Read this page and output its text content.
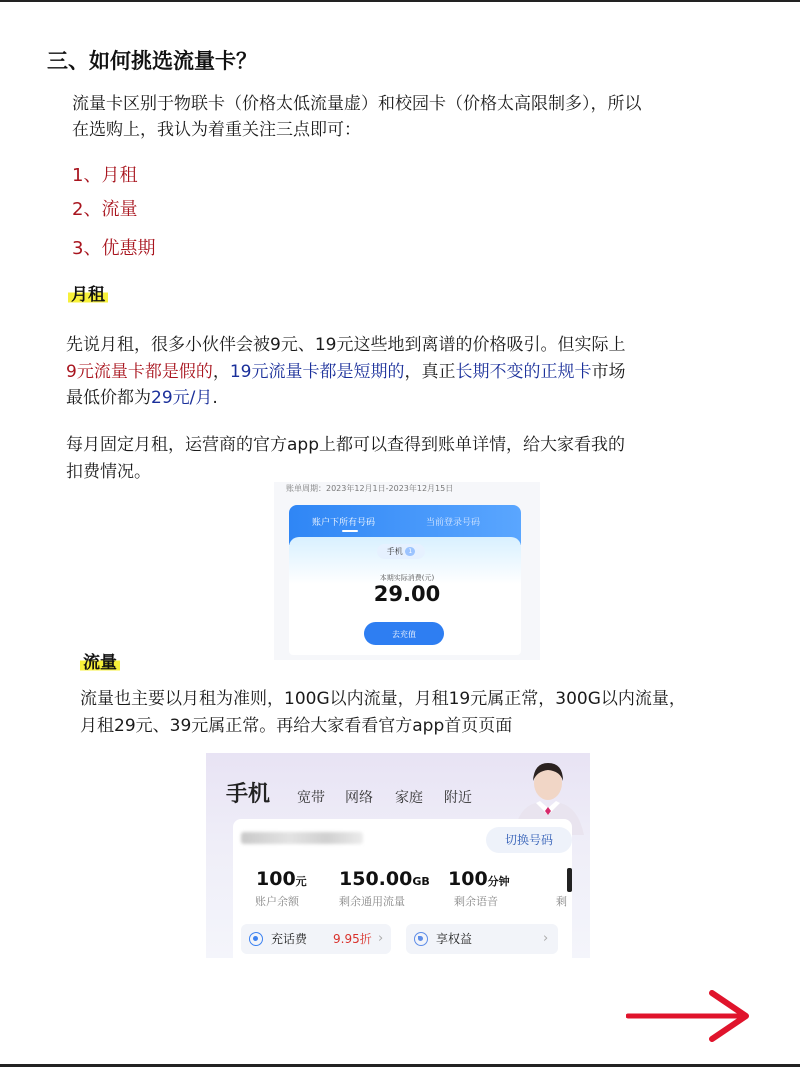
三、如何挑选流量卡？
流量卡区别于物联卡（价格太低流量虚）和校园卡（价格太高限制多），所以
在选购上，我认为着重关注三点即可：
1、月租
2、流量
3、优惠期
月租
先说月租，很多小伙伴会被9元、19元这些地到离谱的价格吸引。但实际上
9元流量卡都是假的，19元流量卡都是短期的，真正长期不变的正规卡市场
最低价都为29元/月.
每月固定月租，运营商的官方app上都可以查得到账单详情，给大家看我的
扣费情况。
账单周期：2023年12月1日-2023年12月15日
账户下所有号码	当前登录号码
手机 1
本期实际消费(元)
29.00
去充值
流量
流量也主要以月租为准则，100G以内流量，月租19元属正常，300G以内流量，
月租29元、39元属正常。再给大家看看官方app首页页面
手机 宽带 网络 家庭 附近
切换号码
100元
账户余额
150.00GB
剩余通用流量
100分钟
剩余语音	剩
充话费 9.95折 ›	享权益	›
